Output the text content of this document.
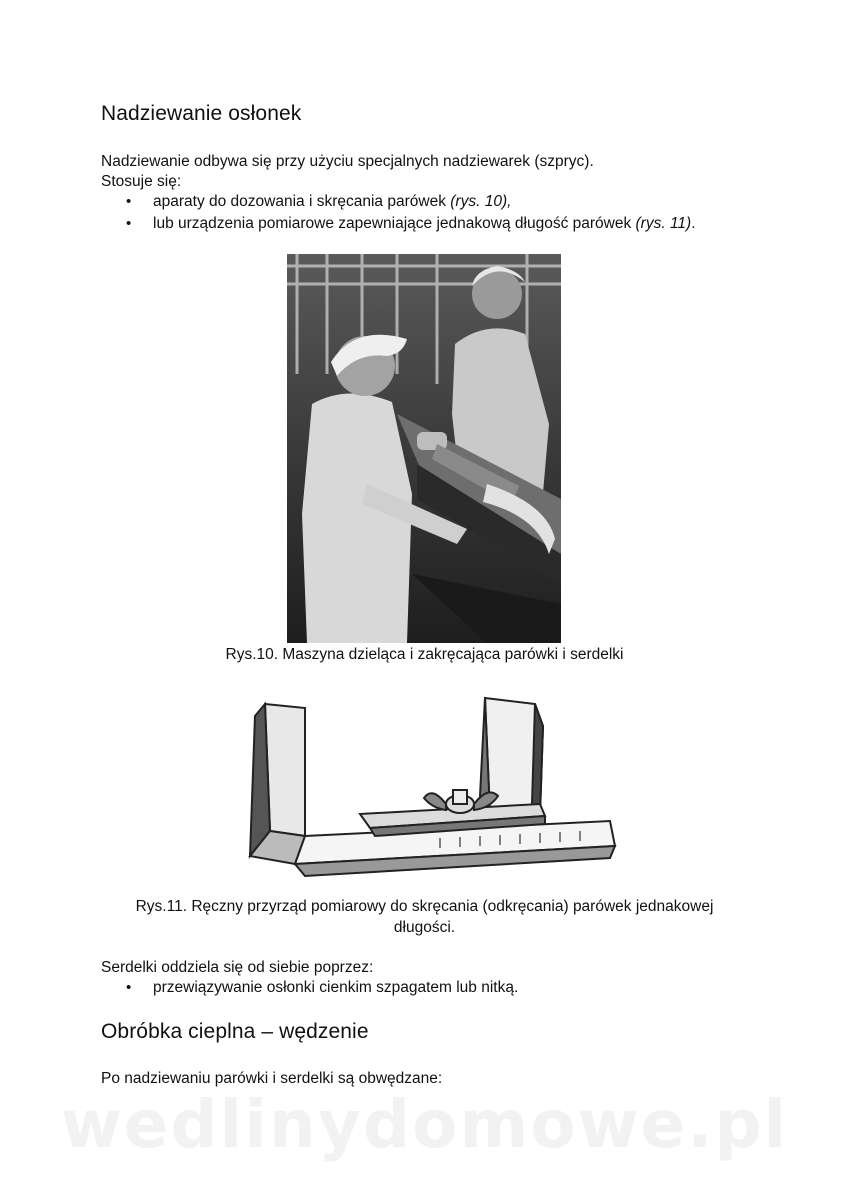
Nadziewanie osłonek

Nadziewanie odbywa się przy użyciu specjalnych nadziewarek (szpryc).

Stosuje się:

• aparaty do dozowania i skręcania parówek (rys. 10),
• lub urządzenia pomiarowe zapewniające jednakową długość parówek (rys. 11).

Rys.10. Maszyna dzieląca i zakręcająca parówki i serdelki

Rys.11. Ręczny przyrząd pomiarowy do skręcania (odkręcania) parówek jednakowej

długości.

Serdelki oddziela się od siebie poprzez:

• przewiązywanie osłonki cienkim szpagatem lub nitką.
Obróbka cieplna – wędzenie

Po nadziewaniu parówki i serdelki są obwędzane:

wedlinydomowe.pl
